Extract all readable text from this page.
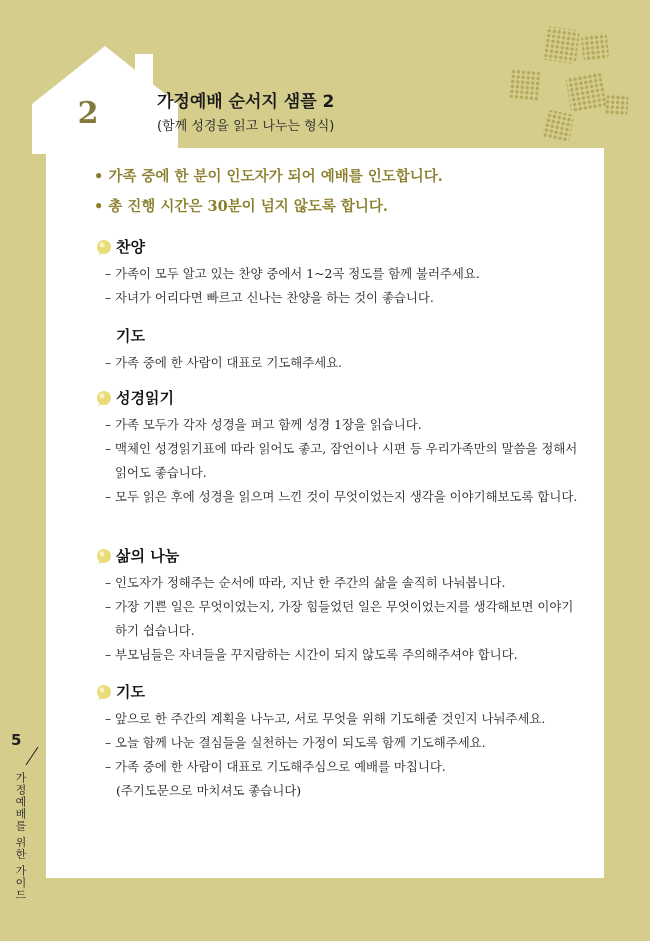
2	가정예배 순서지 샘플 2
(함께 성경을 읽고 나누는 형식)
• 가족 중에 한 분이 인도자가 되어 예배를 인도합니다.
• 총 진행 시간은 30분이 넘지 않도록 합니다.
찬양
– 가족이 모두 알고 있는 찬양 중에서 1~2곡 정도를 함께 불러주세요.
– 자녀가 어리다면 빠르고 신나는 찬양을 하는 것이 좋습니다.
기도
– 가족 중에 한 사람이 대표로 기도해주세요.
성경읽기
– 가족 모두가 각자 성경을 펴고 함께 성경 1장을 읽습니다.
– 맥체인 성경읽기표에 따라 읽어도 좋고, 잠언이나 시편 등 우리가족만의 말씀을 정해서 읽어도 좋습니다.
– 모두 읽은 후에 성경을 읽으며 느낀 것이 무엇이었는지 생각을 이야기해보도록 합니다.
삶의 나눔
– 인도자가 정해주는 순서에 따라, 지난 한 주간의 삶을 솔직히 나눠봅니다.
– 가장 기쁜 일은 무엇이었는지, 가장 힘들었던 일은 무엇이었는지를 생각해보면 이야기하기 쉽습니다.
– 부모님들은 자녀들을 꾸지람하는 시간이 되지 않도록 주의해주셔야 합니다.
기도
– 앞으로 한 주간의 계획을 나누고, 서로 무엇을 위해 기도해줄 것인지 나눠주세요.
– 오늘 함께 나눈 결심들을 실천하는 가정이 되도록 함께 기도해주세요.
– 가족 중에 한 사람이 대표로 기도해주심으로 예배를 마칩니다.
(주기도문으로 마치셔도 좋습니다)
5
가정예배를 위한 가이드
